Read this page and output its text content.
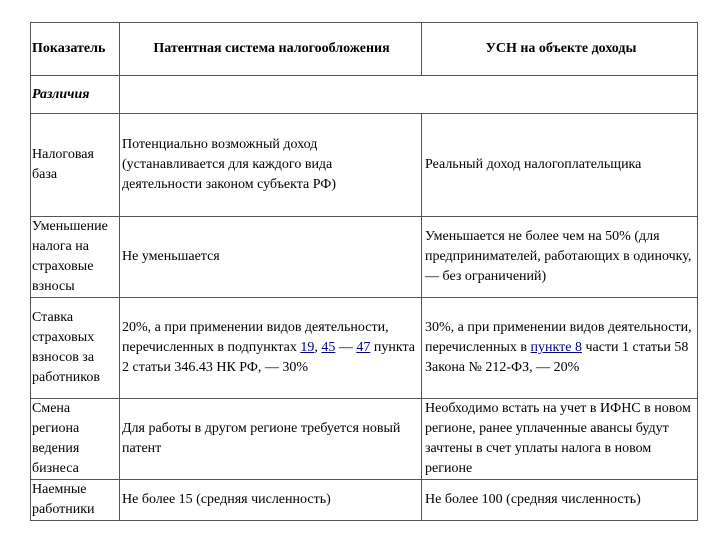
Показатель	Патентная система налогообложения	УСН на объекте доходы
Различия		
Налоговая база	Потенциально возможный доход (устанавливается для каждого вида деятельности законом субъекта РФ)	Реальный доход налогоплательщика
Уменьшение налога на страховые взносы	Не уменьшается	Уменьшается не более чем на 50% (для предпринимателей, работающих в одиночку, — без ограничений)
Ставка страховых взносов за работников	20%, а при применении видов деятельности, перечисленных в подпунктах 19, 45 — 47 пункта 2 статьи 346.43 НК РФ, — 30%	30%, а при применении видов деятельности, перечисленных в пункте 8 части 1 статьи 58 Закона № 212-ФЗ, — 20%
Смена региона ведения бизнеса	Для работы в другом регионе требуется новый патент	Необходимо встать на учет в ИФНС в новом регионе, ранее уплаченные авансы будут зачтены в счет уплаты налога в новом регионе
Наемные работники	Не более 15 (средняя численность)	Не более 100 (средняя численность)
